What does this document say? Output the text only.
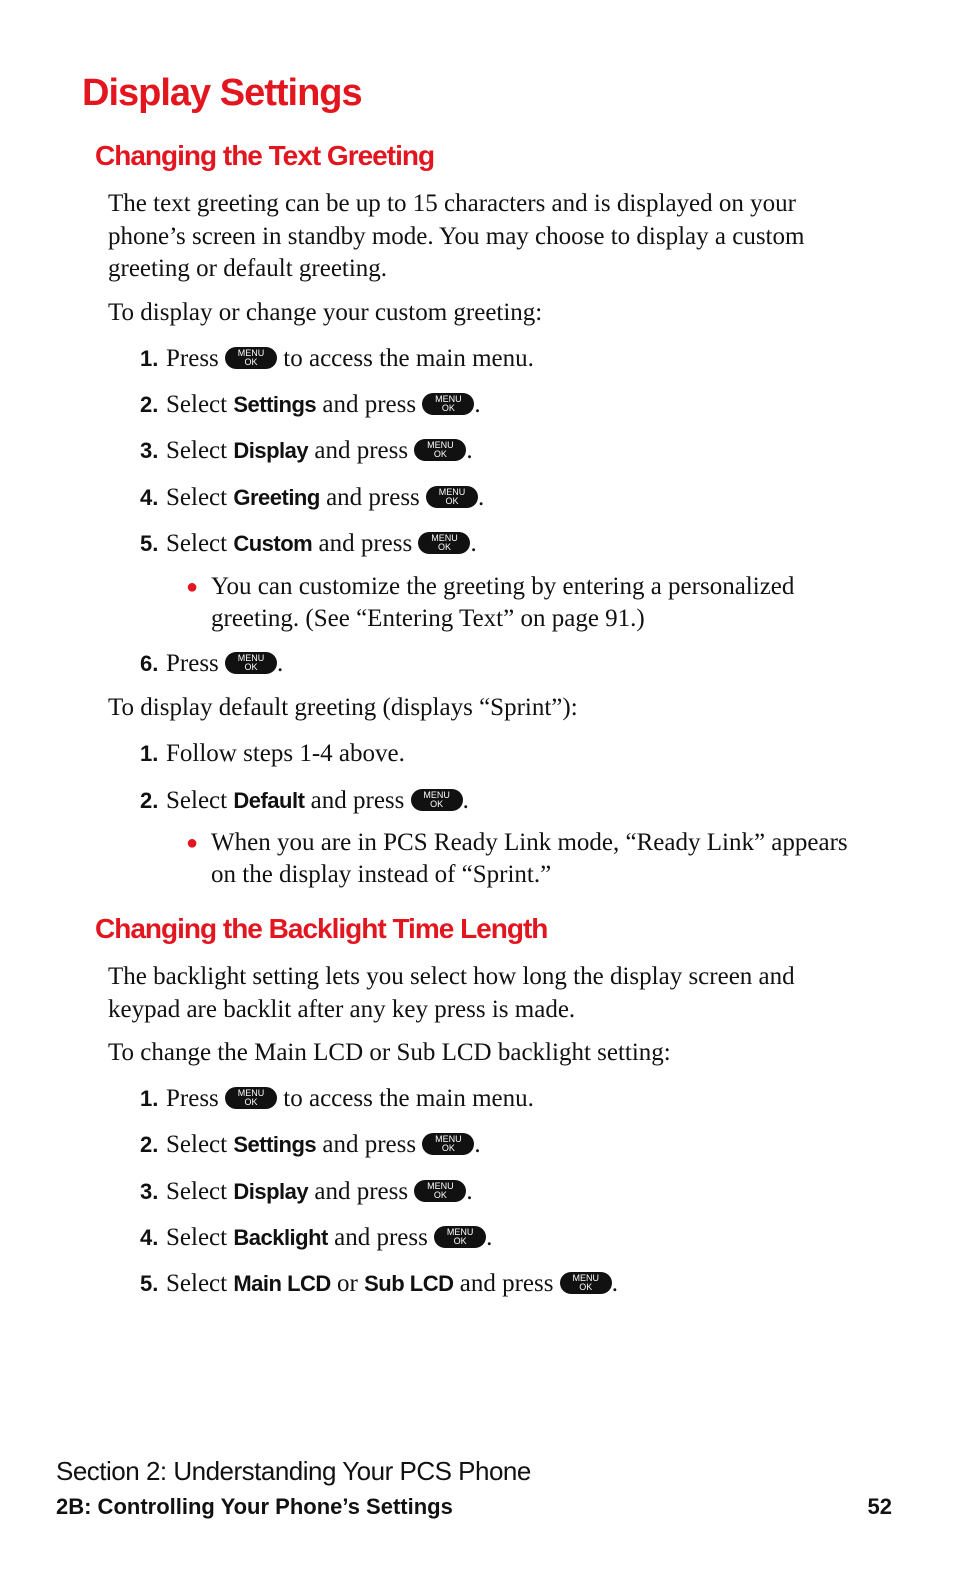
Display Settings
Changing the Text Greeting

The text greeting can be up to 15 characters and is displayed on your phone’s screen in standby mode. You may choose to display a custom greeting or default greeting.

To display or change your custom greeting:

1. Press	MENU
OK to access the main menu.

2. Select Settings and press	MENU
OK .

3. Select Display and press	MENU
OK .

4. Select Greeting and press	MENU
OK .

5. Select Custom and press	MENU
OK .

● You can customize the greeting by entering a personalized greeting. (See “Entering Text” on page 91.)

6. Press	MENU
OK .

To display default greeting (displays “Sprint”):

1. Follow steps 1-4 above.

2. Select Default and press	MENU
OK .

● When you are in PCS Ready Link mode, “Ready Link” appears on the display instead of “Sprint.”
Changing the Backlight Time Length

The backlight setting lets you select how long the display screen and keypad are backlit after any key press is made.

To change the Main LCD or Sub LCD backlight setting:

1. Press	MENU
OK to access the main menu.

2. Select Settings and press	MENU
OK .

3. Select Display and press	MENU
OK .

4. Select Backlight and press	MENU
OK .

5. Select Main LCD or Sub LCD and press	MENU
OK .

Section 2: Understanding Your PCS Phone

2B: Controlling Your Phone’s Settings	52
